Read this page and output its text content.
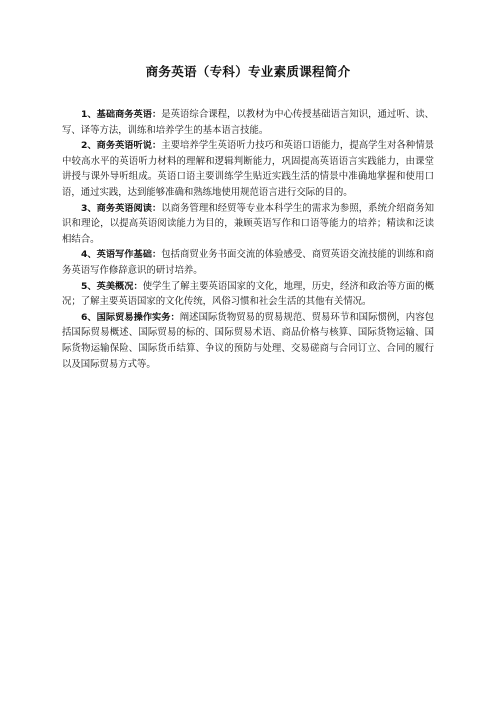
商务英语（专科）专业素质课程简介

1、基础商务英语：是英语综合课程，以教材为中心传授基础语言知识，通过听、读、写、译等方法，训练和培养学生的基本语言技能。

2、商务英语听说：主要培养学生英语听力技巧和英语口语能力，提高学生对各种情景中较高水平的英语听力材料的理解和逻辑判断能力，巩固提高英语语言实践能力，由课堂讲授与课外导听组成。英语口语主要训练学生贴近实践生活的情景中准确地掌握和使用口语，通过实践，达到能够准确和熟练地使用规范语言进行交际的目的。

3、商务英语阅读：以商务管理和经贸等专业本科学生的需求为参照，系统介绍商务知识和理论，以提高英语阅读能力为目的，兼顾英语写作和口语等能力的培养；精读和泛读相结合。

4、英语写作基础：包括商贸业务书面交流的体验感受、商贸英语交流技能的训练和商务英语写作修辞意识的研讨培养。

5、英美概况：使学生了解主要英语国家的文化，地理，历史，经济和政治等方面的概况；了解主要英语国家的文化传统，风俗习惯和社会生活的其他有关情况。

6、国际贸易操作实务：阐述国际货物贸易的贸易规范、贸易环节和国际惯例，内容包括国际贸易概述、国际贸易的标的、国际贸易术语、商品价格与核算、国际货物运输、国际货物运输保险、国际货币结算、争议的预防与处理、交易磋商与合同订立、合同的履行以及国际贸易方式等。
